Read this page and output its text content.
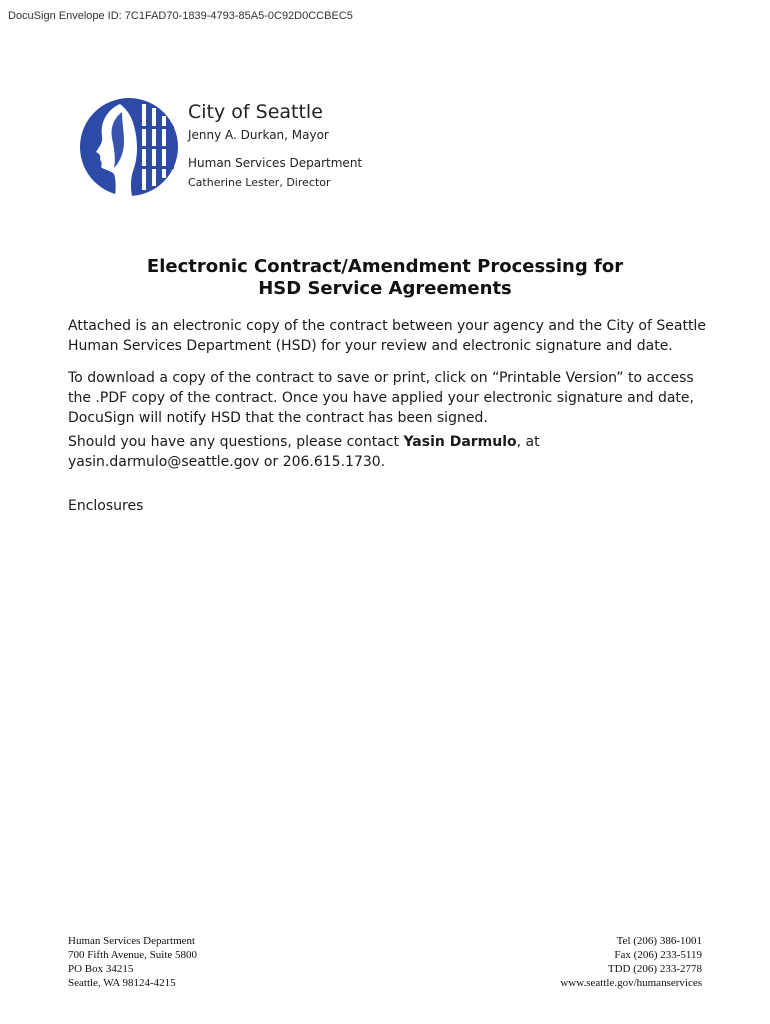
DocuSign Envelope ID: 7C1FAD70-1839-4793-85A5-0C92D0CCBEC5
City of Seattle
Jenny A. Durkan, Mayor
Human Services Department
Catherine Lester, Director
Electronic Contract/Amendment Processing for
HSD Service Agreements
Attached is an electronic copy of the contract between your agency and the City of Seattle Human Services Department (HSD) for your review and electronic signature and date.
To download a copy of the contract to save or print, click on “Printable Version” to access the .PDF copy of the contract. Once you have applied your electronic signature and date, DocuSign will notify HSD that the contract has been signed.
Should you have any questions, please contact Yasin Darmulo, at yasin.darmulo@seattle.gov or 206.615.1730.
Enclosures
Human Services Department
700 Fifth Avenue, Suite 5800
PO Box 34215
Seattle, WA 98124-4215
Tel (206) 386-1001
Fax (206) 233-5119
TDD (206) 233-2778
www.seattle.gov/humanservices
